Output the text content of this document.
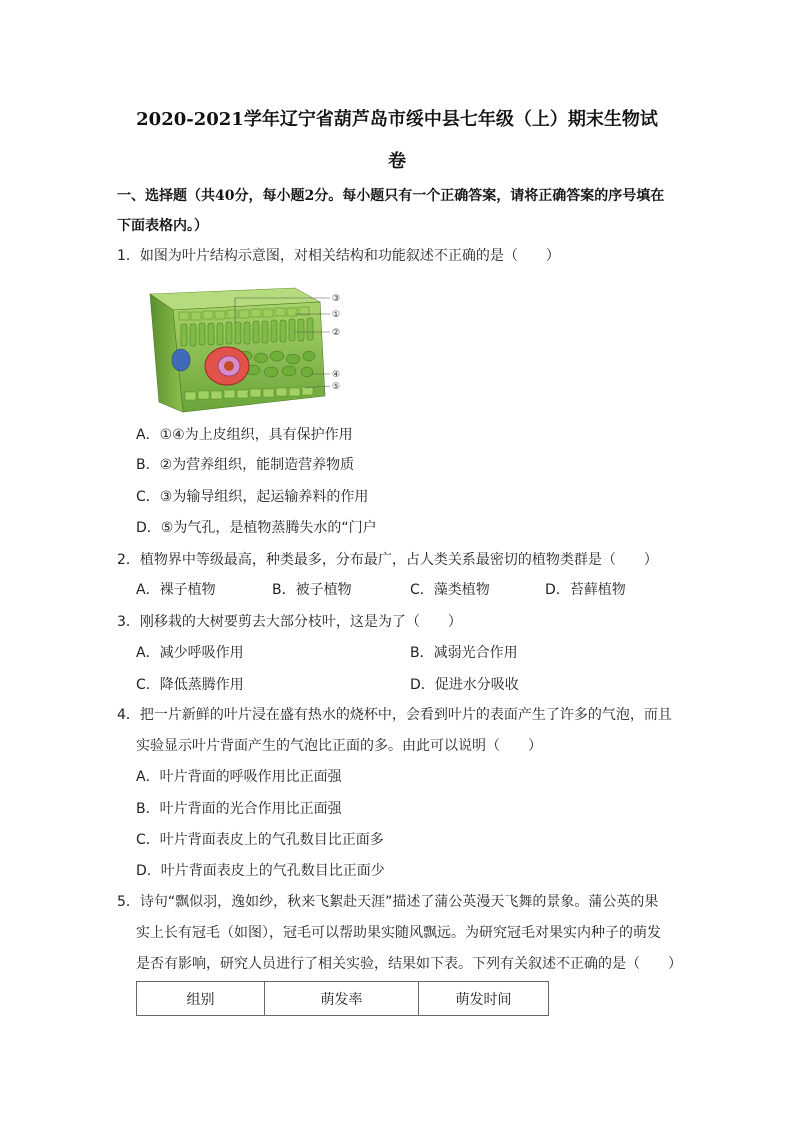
2020-2021学年辽宁省葫芦岛市绥中县七年级（上）期末生物试
卷
一、选择题（共40分，每小题2分。每小题只有一个正确答案，请将正确答案的序号填在
下面表格内。）
1．如图为叶片结构示意图，对相关结构和功能叙述不正确的是（　　）
③
①
②
④
⑤
A．①④为上皮组织，具有保护作用
B．②为营养组织，能制造营养物质
C．③为输导组织，起运输养料的作用
D．⑤为气孔，是植物蒸腾失水的“门户
2．植物界中等级最高，种类最多，分布最广，占人类关系最密切的植物类群是（　　）
A．裸子植物	B．被子植物	C．藻类植物	D．苔藓植物
3．刚移栽的大树要剪去大部分枝叶，这是为了（　　）
A．减少呼吸作用	B．减弱光合作用
C．降低蒸腾作用	D．促进水分吸收
4．把一片新鲜的叶片浸在盛有热水的烧杯中，会看到叶片的表面产生了许多的气泡，而且
实验显示叶片背面产生的气泡比正面的多。由此可以说明（　　）
A．叶片背面的呼吸作用比正面强
B．叶片背面的光合作用比正面强
C．叶片背面表皮上的气孔数目比正面多
D．叶片背面表皮上的气孔数目比正面少
5．诗句“飘似羽，逸如纱，秋来飞絮赴天涯”描述了蒲公英漫天飞舞的景象。蒲公英的果
实上长有冠毛（如图），冠毛可以帮助果实随风飘远。为研究冠毛对果实内种子的萌发
是否有影响，研究人员进行了相关实验，结果如下表。下列有关叙述不正确的是（　　）
组别	萌发率	萌发时间
